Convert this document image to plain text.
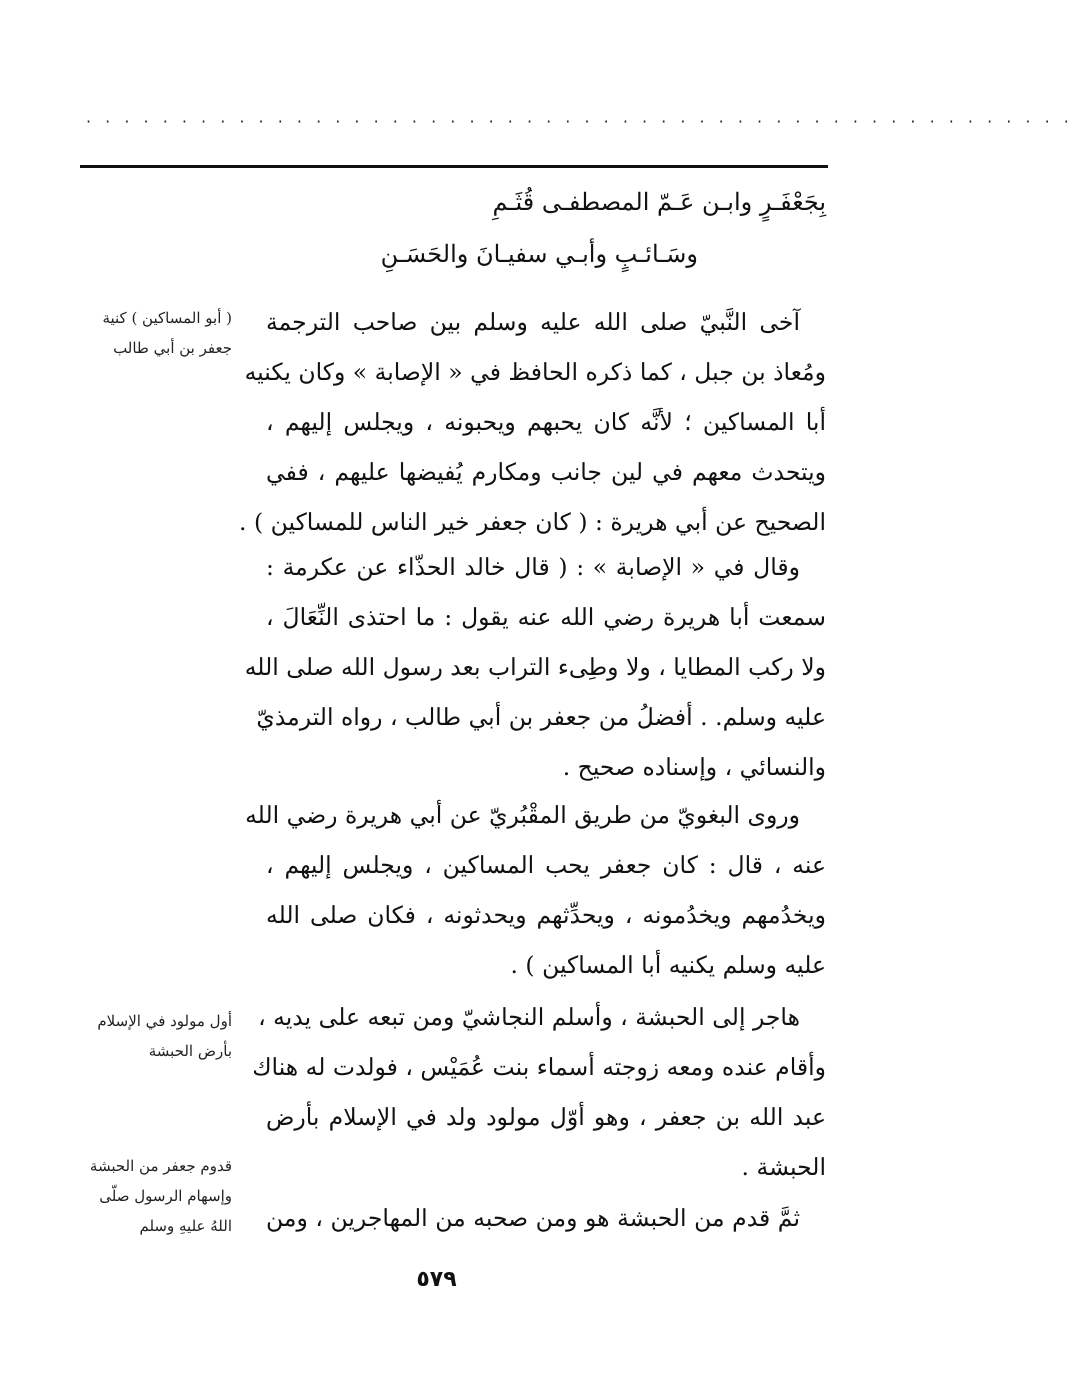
· · · · · · · · · · · · · · · · · · · · · · · · · · · · · · · · · · · · · · · · · · · · · · · · · · · ·
بِجَعْفَـرٍ وابـن عَـمّ المصطفـى قُثَـمِ
وسَـائـبٍ وأبـي سفيـانَ والحَسَـنِ
آخى النَّبيّ صلى الله عليه وسلم بين صاحب الترجمة
ومُعاذ بن جبل ، كما ذكره الحافظ في « الإصابة » وكان يكنيه
أبا المساكين ؛ لأنَّه كان يحبهم ويحبونه ، ويجلس إليهم ،
ويتحدث معهم في لين جانب ومكارم يُفيضها عليهم ، ففي
الصحيح عن أبي هريرة : ( كان جعفر خير الناس للمساكين ) .
وقال في « الإصابة » : ( قال خالد الحذّاء عن عكرمة :
سمعت أبا هريرة رضي الله عنه يقول : ما احتذى النِّعَالَ ،
ولا ركب المطايا ، ولا وطِىء التراب بعد رسول الله صلى الله
عليه وسلم. . أفضلُ من جعفر بن أبي طالب ، رواه الترمذيّ
والنسائي ، وإسناده صحيح .
وروى البغويّ من طريق المقْبُريّ عن أبي هريرة رضي الله
عنه ، قال : كان جعفر يحب المساكين ، ويجلس إليهم ،
ويخدُمهم ويخدُمونه ، ويحدِّثهم ويحدثونه ، فكان صلى الله
عليه وسلم يكنيه أبا المساكين ) .
هاجر إلى الحبشة ، وأسلم النجاشيّ ومن تبعه على يديه ،
وأقام عنده ومعه زوجته أسماء بنت عُمَيْس ، فولدت له هناك
عبد الله بن جعفر ، وهو أوّل مولود ولد في الإسلام بأرض
الحبشة .
ثمَّ قدم من الحبشة هو ومن صحبه من المهاجرين ، ومن
( أبو المساكين ) كنية
جعفر بن أبي طالب
أول مولود في الإسلام
بأرض الحبشة
قدوم جعفر من الحبشة
وإسهام الرسول صلّى
اللهُ عليهِ وسلم
٥٧٩
